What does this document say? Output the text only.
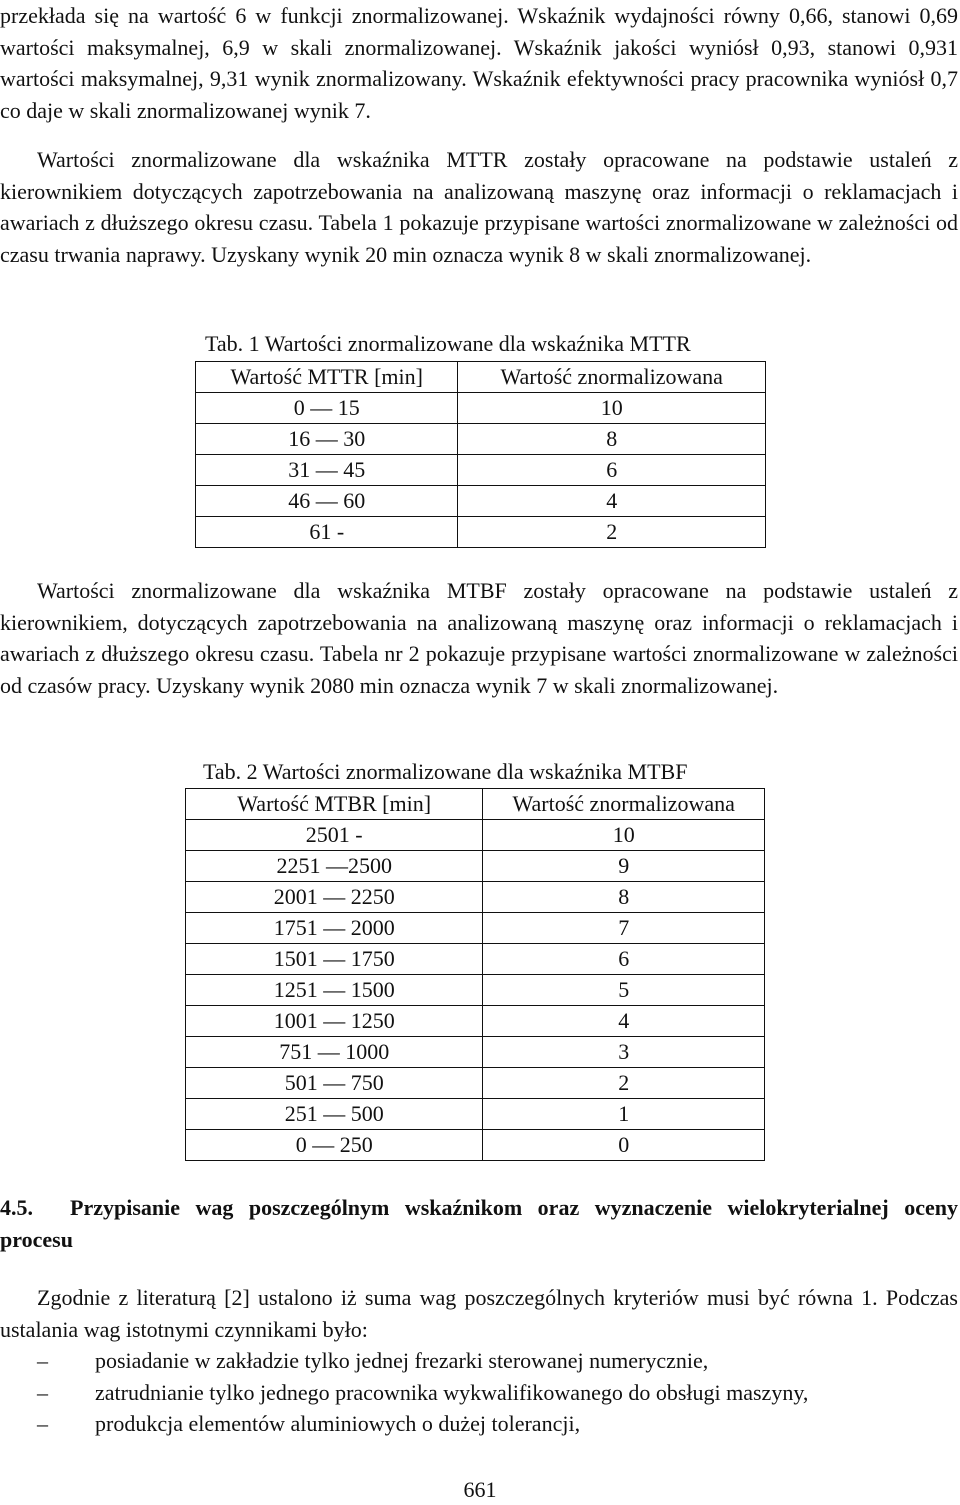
przekłada się na wartość 6 w funkcji znormalizowanej. Wskaźnik wydajności równy 0,66, stanowi 0,69 wartości maksymalnej, 6,9 w skali znormalizowanej. Wskaźnik jakości wyniósł 0,93, stanowi 0,931 wartości maksymalnej, 9,31 wynik znormalizowany. Wskaźnik efektywności pracy pracownika wyniósł 0,7 co daje w skali znormalizowanej wynik 7.

Wartości znormalizowane dla wskaźnika MTTR zostały opracowane na podstawie ustaleń z kierownikiem dotyczących zapotrzebowania na analizowaną maszynę oraz informacji o reklamacjach i awariach z dłuższego okresu czasu. Tabela 1 pokazuje przypisane wartości znormalizowane w zależności od czasu trwania naprawy. Uzyskany wynik 20 min oznacza wynik 8 w skali znormalizowanej.

Tab. 1 Wartości znormalizowane dla wskaźnika MTTR

Wartość MTTR [min]	Wartość znormalizowana
0 — 15	10
16 — 30	8
31 — 45	6
46 — 60	4
61 -	2

Wartości znormalizowane dla wskaźnika MTBF zostały opracowane na podstawie ustaleń z kierownikiem, dotyczących zapotrzebowania na analizowaną maszynę oraz informacji o reklamacjach i awariach z dłuższego okresu czasu. Tabela nr 2 pokazuje przypisane wartości znormalizowane w zależności od czasów pracy. Uzyskany wynik 2080 min oznacza wynik 7 w skali znormalizowanej.

Tab. 2 Wartości znormalizowane dla wskaźnika MTBF

Wartość MTBR [min]	Wartość znormalizowana
2501 -	10
2251 —2500	9
2001 — 2250	8
1751 — 2000	7
1501 — 1750	6
1251 — 1500	5
1001 — 1250	4
751 — 1000	3
501 — 750	2
251 — 500	1
0 — 250	0

4.5. Przypisanie wag poszczególnym wskaźnikom oraz wyznaczenie wielokryterialnej oceny procesu

Zgodnie z literaturą [2] ustalono iż suma wag poszczególnych kryteriów musi być równa 1. Podczas ustalania wag istotnymi czynnikami było:

– posiadanie w zakładzie tylko jednej frezarki sterowanej numerycznie,
– zatrudnianie tylko jednego pracownika wykwalifikowanego do obsługi maszyny,
– produkcja elementów aluminiowych o dużej tolerancji,
661
